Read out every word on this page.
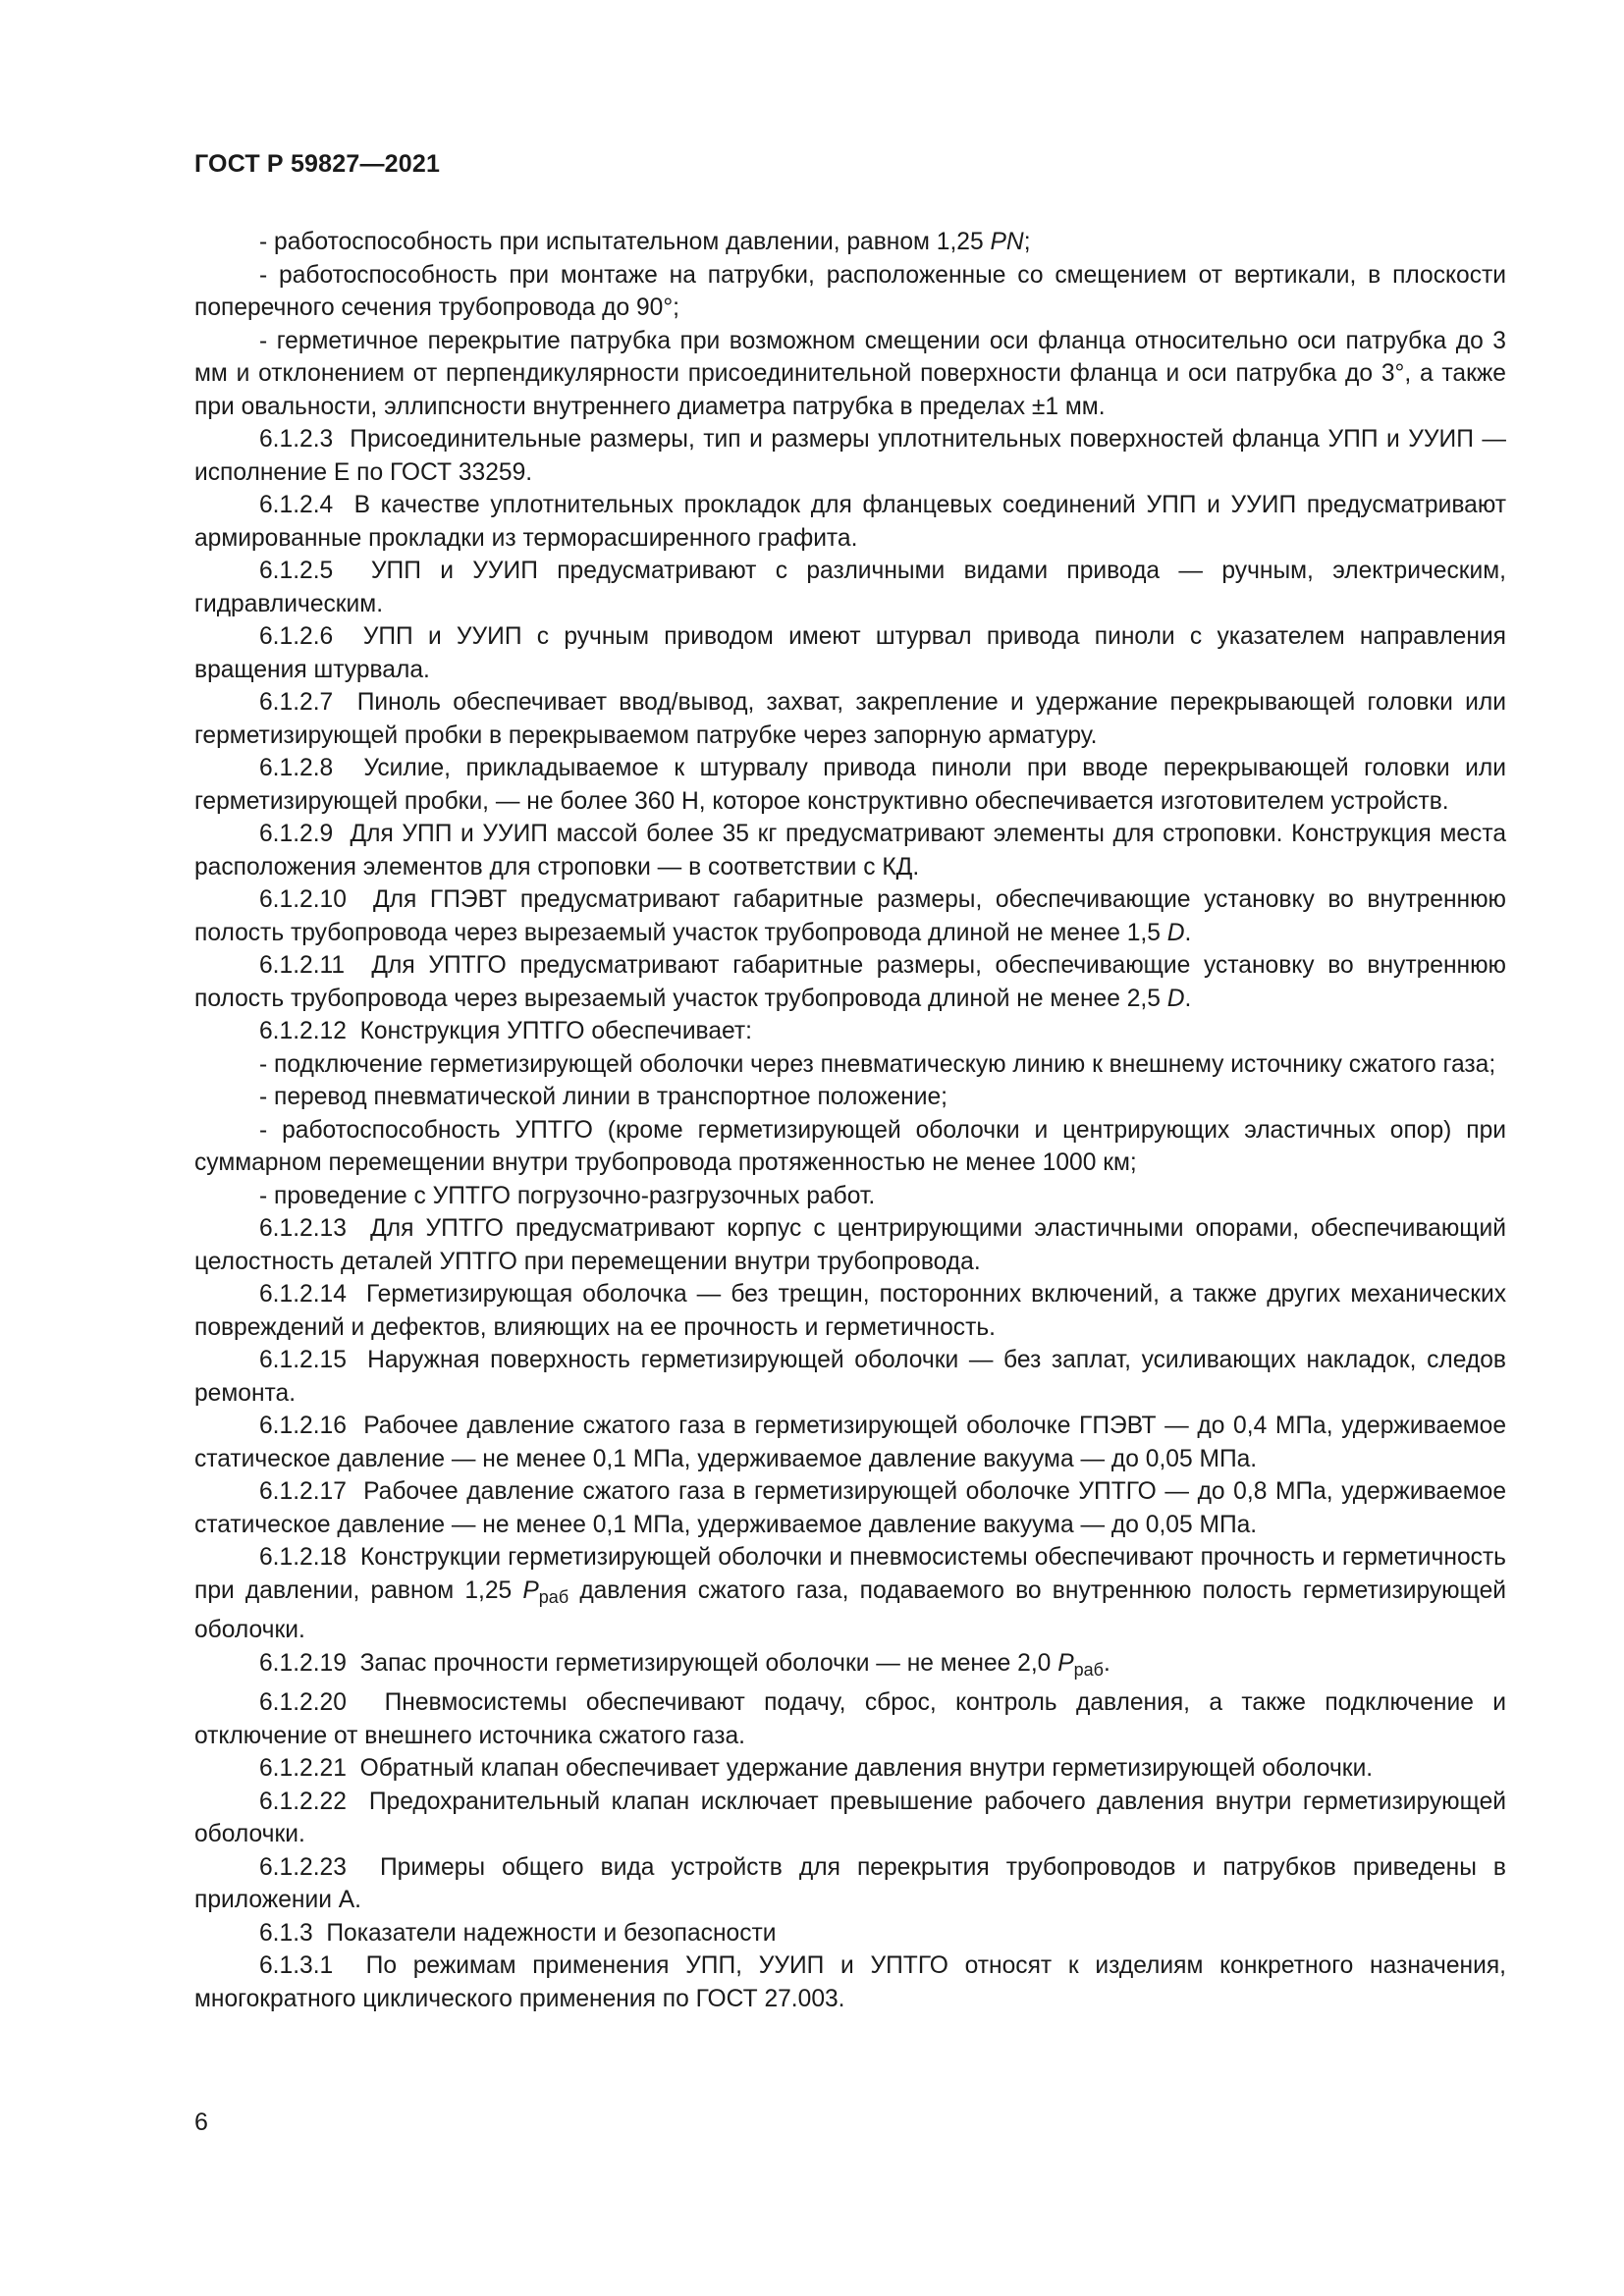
ГОСТ Р 59827—2021

- работоспособность при испытательном давлении, равном 1,25 PN;

- работоспособность при монтаже на патрубки, расположенные со смещением от вертикали, в плоскости поперечного сечения трубопровода до 90°;

- герметичное перекрытие патрубка при возможном смещении оси фланца относительно оси патрубка до 3 мм и отклонением от перпендикулярности присоединительной поверхности фланца и оси патрубка до 3°, а также при овальности, эллипсности внутреннего диаметра патрубка в пределах ±1 мм.

6.1.2.3 Присоединительные размеры, тип и размеры уплотнительных поверхностей фланца УПП и УУИП — исполнение Е по ГОСТ 33259.

6.1.2.4 В качестве уплотнительных прокладок для фланцевых соединений УПП и УУИП предусматривают армированные прокладки из терморасширенного графита.

6.1.2.5 УПП и УУИП предусматривают с различными видами привода — ручным, электрическим, гидравлическим.

6.1.2.6 УПП и УУИП с ручным приводом имеют штурвал привода пиноли с указателем направления вращения штурвала.

6.1.2.7 Пиноль обеспечивает ввод/вывод, захват, закрепление и удержание перекрывающей головки или герметизирующей пробки в перекрываемом патрубке через запорную арматуру.

6.1.2.8 Усилие, прикладываемое к штурвалу привода пиноли при вводе перекрывающей головки или герметизирующей пробки, — не более 360 Н, которое конструктивно обеспечивается изготовителем устройств.

6.1.2.9 Для УПП и УУИП массой более 35 кг предусматривают элементы для строповки. Конструкция места расположения элементов для строповки — в соответствии с КД.

6.1.2.10 Для ГПЭВТ предусматривают габаритные размеры, обеспечивающие установку во внутреннюю полость трубопровода через вырезаемый участок трубопровода длиной не менее 1,5 D.

6.1.2.11 Для УПТГО предусматривают габаритные размеры, обеспечивающие установку во внутреннюю полость трубопровода через вырезаемый участок трубопровода длиной не менее 2,5 D.

6.1.2.12 Конструкция УПТГО обеспечивает:

- подключение герметизирующей оболочки через пневматическую линию к внешнему источнику сжатого газа;

- перевод пневматической линии в транспортное положение;

- работоспособность УПТГО (кроме герметизирующей оболочки и центрирующих эластичных опор) при суммарном перемещении внутри трубопровода протяженностью не менее 1000 км;

- проведение с УПТГО погрузочно-разгрузочных работ.

6.1.2.13 Для УПТГО предусматривают корпус с центрирующими эластичными опорами, обеспечивающий целостность деталей УПТГО при перемещении внутри трубопровода.

6.1.2.14 Герметизирующая оболочка — без трещин, посторонних включений, а также других механических повреждений и дефектов, влияющих на ее прочность и герметичность.

6.1.2.15 Наружная поверхность герметизирующей оболочки — без заплат, усиливающих накладок, следов ремонта.

6.1.2.16 Рабочее давление сжатого газа в герметизирующей оболочке ГПЭВТ — до 0,4 МПа, удерживаемое статическое давление — не менее 0,1 МПа, удерживаемое давление вакуума — до 0,05 МПа.

6.1.2.17 Рабочее давление сжатого газа в герметизирующей оболочке УПТГО — до 0,8 МПа, удерживаемое статическое давление — не менее 0,1 МПа, удерживаемое давление вакуума — до 0,05 МПа.

6.1.2.18 Конструкции герметизирующей оболочки и пневмосистемы обеспечивают прочность и герметичность при давлении, равном 1,25 $P_{раб}$ давления сжатого газа, подаваемого во внутреннюю полость герметизирующей оболочки.

6.1.2.19 Запас прочности герметизирующей оболочки — не менее 2,0 $P_{раб}$.

6.1.2.20 Пневмосистемы обеспечивают подачу, сброс, контроль давления, а также подключение и отключение от внешнего источника сжатого газа.

6.1.2.21 Обратный клапан обеспечивает удержание давления внутри герметизирующей оболочки.

6.1.2.22 Предохранительный клапан исключает превышение рабочего давления внутри герметизирующей оболочки.

6.1.2.23 Примеры общего вида устройств для перекрытия трубопроводов и патрубков приведены в приложении А.

6.1.3 Показатели надежности и безопасности

6.1.3.1 По режимам применения УПП, УУИП и УПТГО относят к изделиям конкретного назначения, многократного циклического применения по ГОСТ 27.003.

6
